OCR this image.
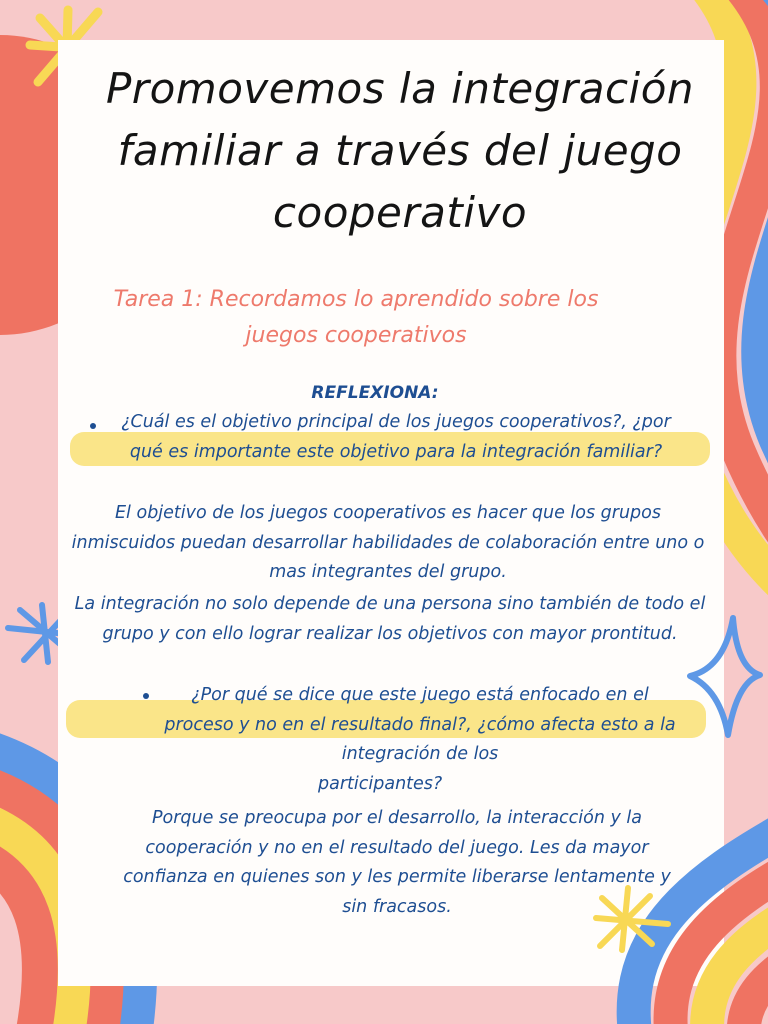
Promovemos la integración familiar a través del juego cooperativo
Tarea 1: Recordamos lo aprendido sobre los juegos cooperativos
REFLEXIONA:
¿Cuál es el objetivo principal de los juegos cooperativos?, ¿por qué es importante este objetivo para la integración familiar?
El objetivo de los juegos cooperativos es hacer que los grupos inmiscuidos puedan desarrollar habilidades de colaboración entre uno o mas integrantes del grupo.
La integración no solo depende de una persona sino también de todo el grupo y con ello lograr realizar los objetivos con mayor prontitud.
¿Por qué se dice que este juego está enfocado en el proceso y no en el resultado final?, ¿cómo afecta esto a la integración de los
participantes?
Porque se preocupa por el desarrollo, la interacción y la cooperación y no en el resultado del juego. Les da mayor confianza en quienes son y les permite liberarse lentamente y sin fracasos.
